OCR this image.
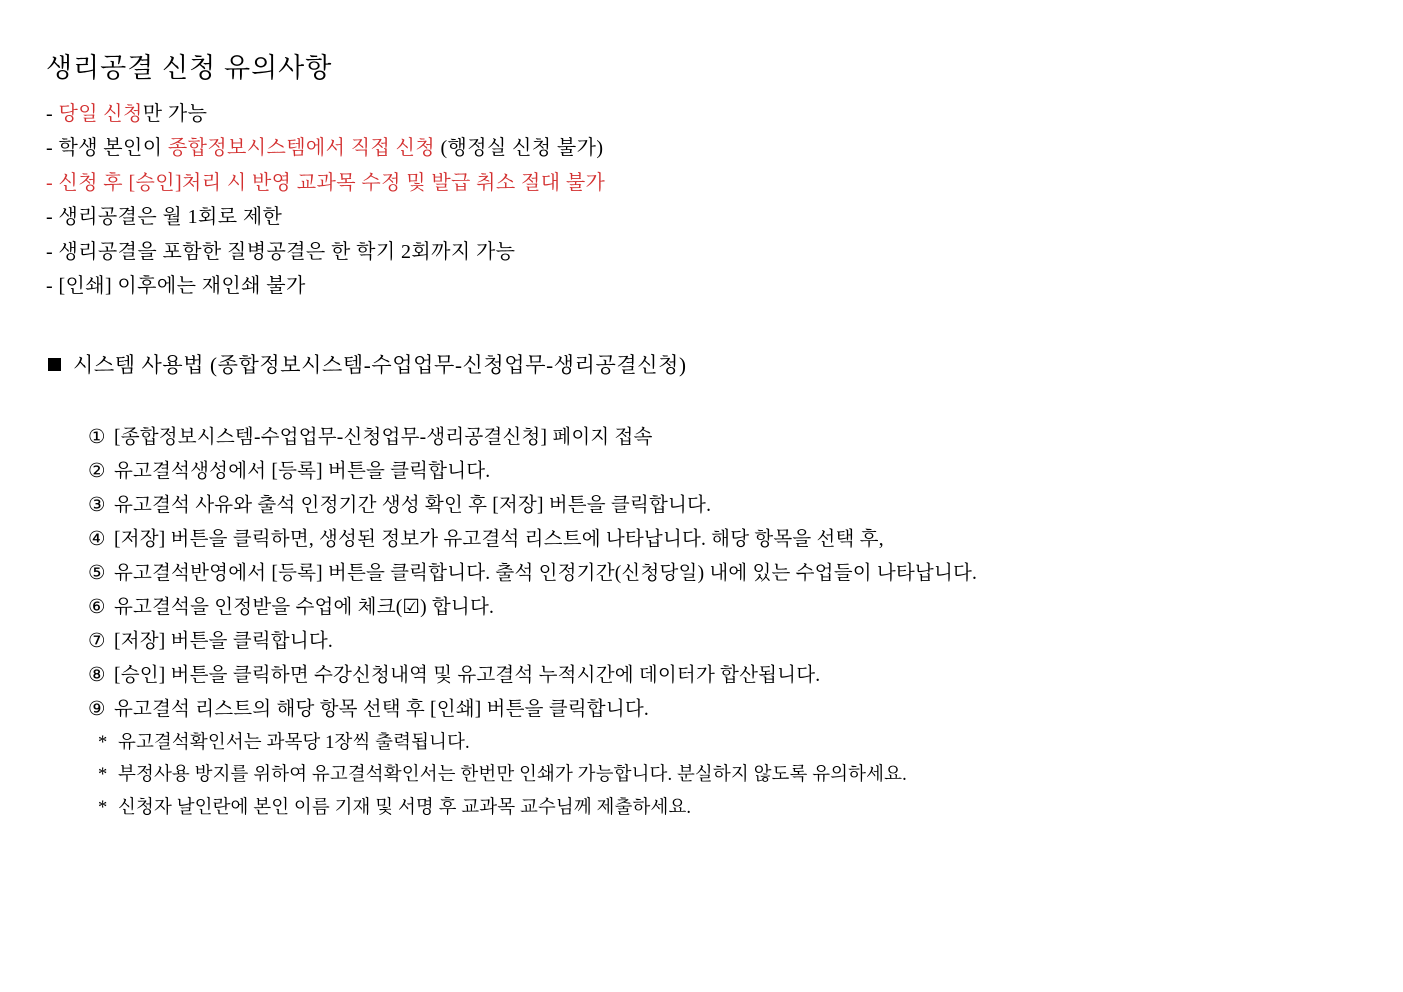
생리공결 신청 유의사항
- 당일 신청만 가능
- 학생 본인이 종합정보시스템에서 직접 신청 (행정실 신청 불가)
- 신청 후 [승인]처리 시 반영 교과목 수정 및 발급 취소 절대 불가
- 생리공결은 월 1회로 제한
- 생리공결을 포함한 질병공결은 한 학기 2회까지 가능
- [인쇄] 이후에는 재인쇄 불가
시스템 사용법 (종합정보시스템-수업업무-신청업무-생리공결신청)
① [종합정보시스템-수업업무-신청업무-생리공결신청] 페이지 접속
② 유고결석생성에서 [등록] 버튼을 클릭합니다.
③ 유고결석 사유와 출석 인정기간 생성 확인 후 [저장] 버튼을 클릭합니다.
④ [저장] 버튼을 클릭하면, 생성된 정보가 유고결석 리스트에 나타납니다. 해당 항목을 선택 후,
⑤ 유고결석반영에서 [등록] 버튼을 클릭합니다. 출석 인정기간(신청당일) 내에 있는 수업들이 나타납니다.
⑥ 유고결석을 인정받을 수업에 체크(☑) 합니다.
⑦ [저장] 버튼을 클릭합니다.
⑧ [승인] 버튼을 클릭하면 수강신청내역 및 유고결석 누적시간에 데이터가 합산됩니다.
⑨ 유고결석 리스트의 해당 항목 선택 후 [인쇄] 버튼을 클릭합니다.
* 유고결석확인서는 과목당 1장씩 출력됩니다.
* 부정사용 방지를 위하여 유고결석확인서는 한번만 인쇄가 가능합니다. 분실하지 않도록 유의하세요.
* 신청자 날인란에 본인 이름 기재 및 서명 후 교과목 교수님께 제출하세요.
